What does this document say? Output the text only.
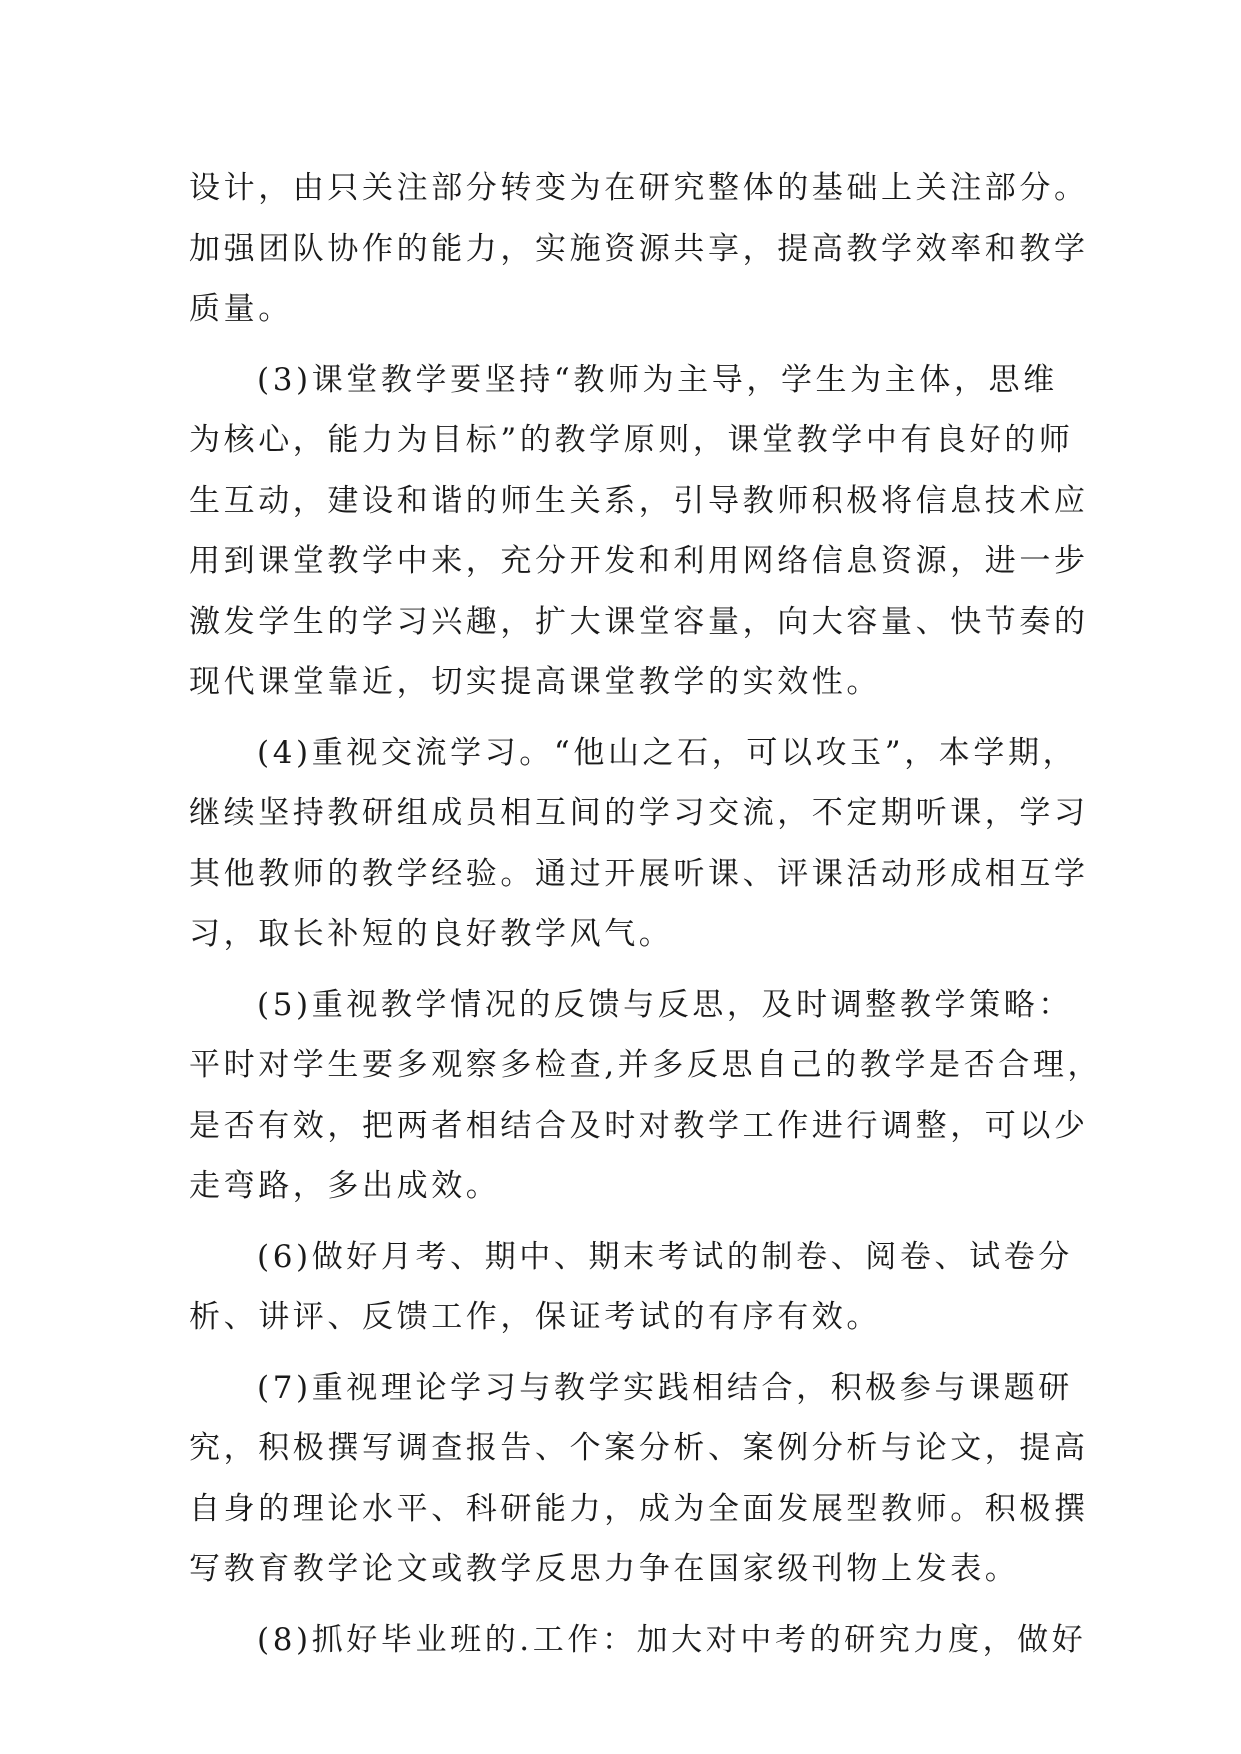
设计，由只关注部分转变为在研究整体的基础上关注部分。
加强团队协作的能力，实施资源共享，提高教学效率和教学
质量。
(3)课堂教学要坚持“教师为主导，学生为主体，思维
为核心，能力为目标”的教学原则，课堂教学中有良好的师
生互动，建设和谐的师生关系，引导教师积极将信息技术应
用到课堂教学中来，充分开发和利用网络信息资源，进一步
激发学生的学习兴趣，扩大课堂容量，向大容量、快节奏的
现代课堂靠近，切实提高课堂教学的实效性。
(4)重视交流学习。“他山之石，可以攻玉”，本学期，
继续坚持教研组成员相互间的学习交流，不定期听课，学习
其他教师的教学经验。通过开展听课、评课活动形成相互学
习，取长补短的良好教学风气。
(5)重视教学情况的反馈与反思，及时调整教学策略：
平时对学生要多观察多检查,并多反思自己的教学是否合理，
是否有效，把两者相结合及时对教学工作进行调整，可以少
走弯路，多出成效。
(6)做好月考、期中、期末考试的制卷、阅卷、试卷分
析、讲评、反馈工作，保证考试的有序有效。
(7)重视理论学习与教学实践相结合，积极参与课题研
究，积极撰写调查报告、个案分析、案例分析与论文，提高
自身的理论水平、科研能力，成为全面发展型教师。积极撰
写教育教学论文或教学反思力争在国家级刊物上发表。
(8)抓好毕业班的.工作：加大对中考的研究力度，做好
